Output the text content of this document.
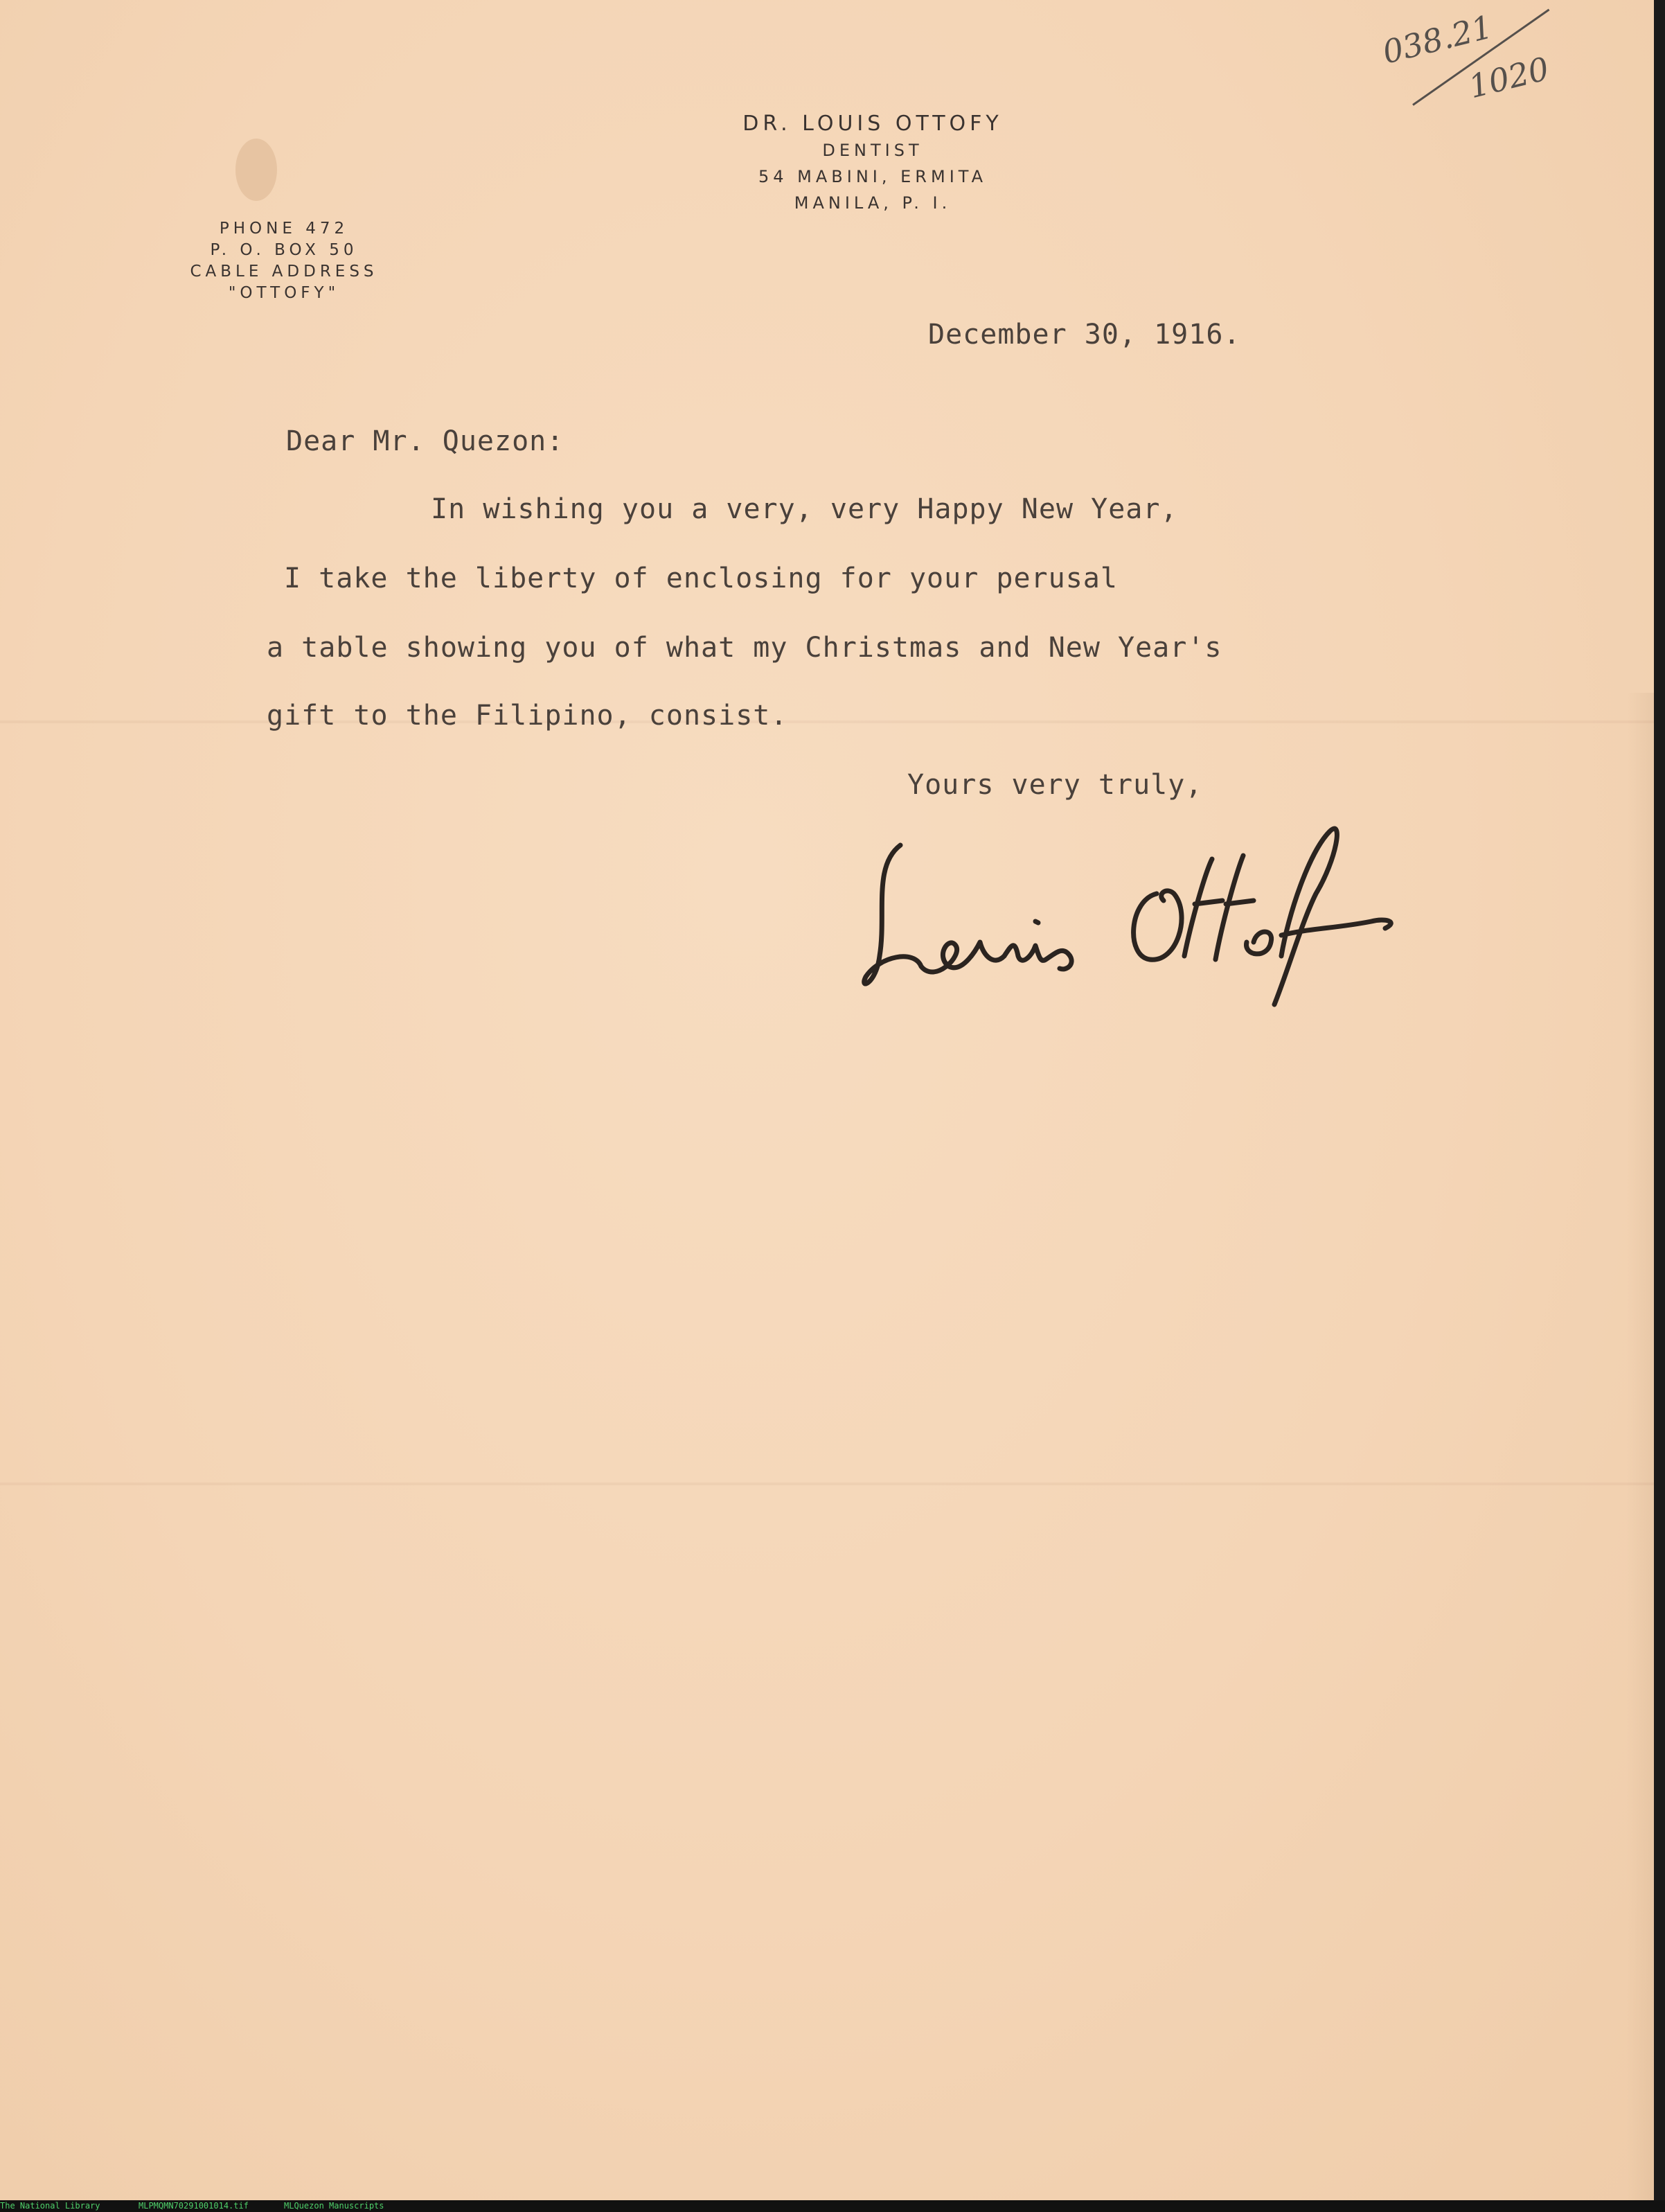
DR. LOUIS OTTOFY
DENTIST
54 MABINI, ERMITA
MANILA, P. I.
PHONE 472
P. O. BOX 50
CABLE ADDRESS
"OTTOFY"
038.21
1020
December 30, 1916.
Dear Mr. Quezon:
In wishing you a very, very Happy New Year,
I take the liberty of enclosing for your perusal
a table showing you of what my Christmas and New Year's
gift to the Filipino, consist.
Yours very truly,
The National Library	MLPMQMN70291001014.tif	MLQuezon Manuscripts
